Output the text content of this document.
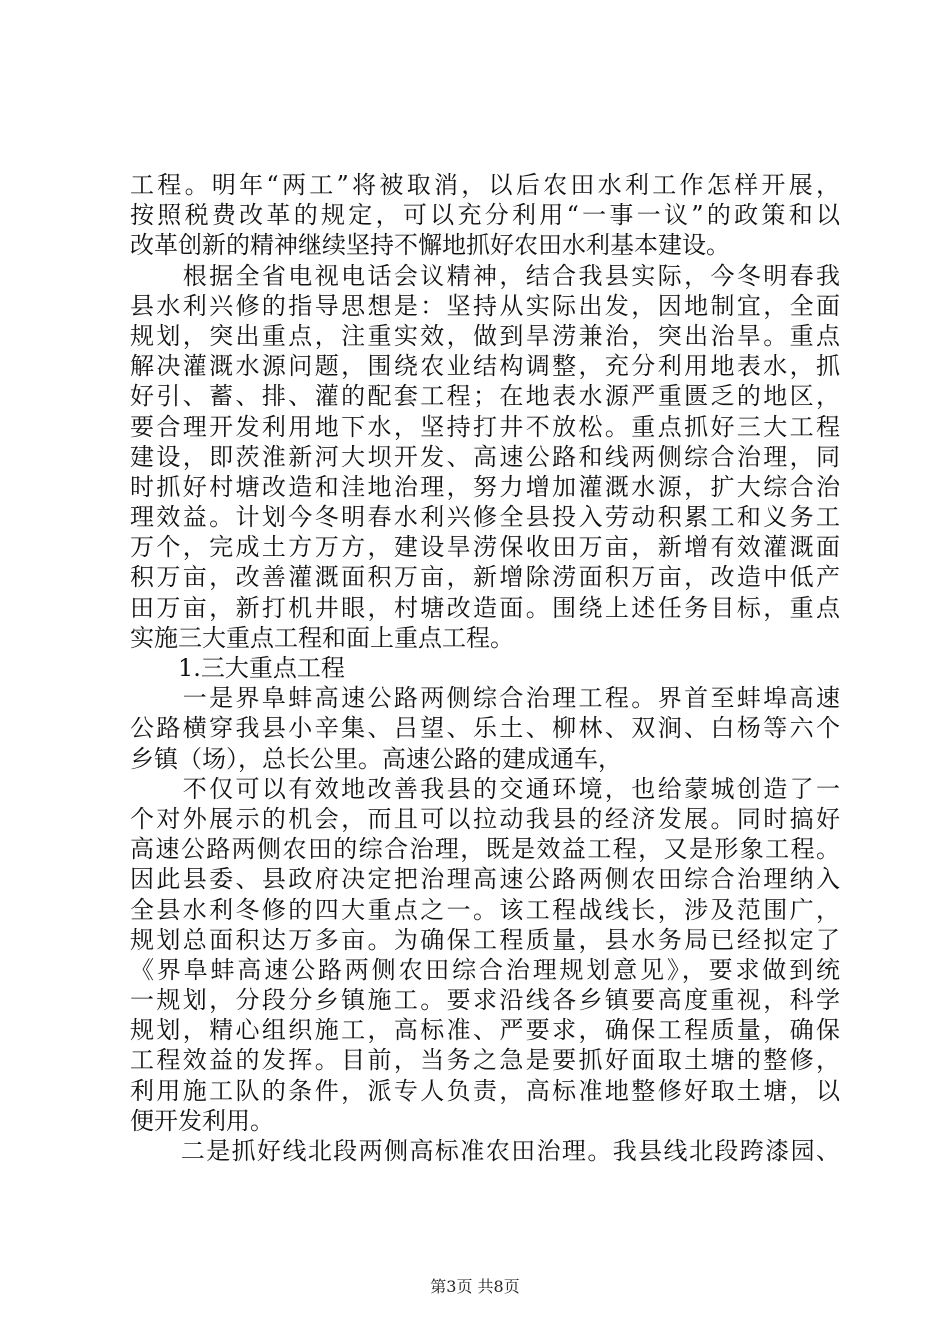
工程。明年“两工”将被取消，以后农田水利工作怎样开展，
按照税费改革的规定，可以充分利用“一事一议”的政策和以
改革创新的精神继续坚持不懈地抓好农田水利基本建设。
　　根据全省电视电话会议精神，结合我县实际，今冬明春我
县水利兴修的指导思想是：坚持从实际出发，因地制宜，全面
规划，突出重点，注重实效，做到旱涝兼治，突出治旱。重点
解决灌溉水源问题，围绕农业结构调整，充分利用地表水，抓
好引、蓄、排、灌的配套工程；在地表水源严重匮乏的地区，
要合理开发利用地下水，坚持打井不放松。重点抓好三大工程
建设，即茨淮新河大坝开发、高速公路和线两侧综合治理，同
时抓好村塘改造和洼地治理，努力增加灌溉水源，扩大综合治
理效益。计划今冬明春水利兴修全县投入劳动积累工和义务工
万个，完成土方万方，建设旱涝保收田万亩，新增有效灌溉面
积万亩，改善灌溉面积万亩，新增除涝面积万亩，改造中低产
田万亩，新打机井眼，村塘改造面。围绕上述任务目标，重点
实施三大重点工程和面上重点工程。
　　1.三大重点工程
　　一是界阜蚌高速公路两侧综合治理工程。界首至蚌埠高速
公路横穿我县小辛集、吕望、乐土、柳林、双涧、白杨等六个
乡镇（场），总长公里。高速公路的建成通车，
　　不仅可以有效地改善我县的交通环境，也给蒙城创造了一
个对外展示的机会，而且可以拉动我县的经济发展。同时搞好
高速公路两侧农田的综合治理，既是效益工程，又是形象工程。
因此县委、县政府决定把治理高速公路两侧农田综合治理纳入
全县水利冬修的四大重点之一。该工程战线长，涉及范围广，
规划总面积达万多亩。为确保工程质量，县水务局已经拟定了
《界阜蚌高速公路两侧农田综合治理规划意见》，要求做到统
一规划，分段分乡镇施工。要求沿线各乡镇要高度重视，科学
规划，精心组织施工，高标准、严要求，确保工程质量，确保
工程效益的发挥。目前，当务之急是要抓好面取土塘的整修，
利用施工队的条件，派专人负责，高标准地整修好取土塘，以
便开发利用。
　　二是抓好线北段两侧高标准农田治理。我县线北段跨漆园、
第3页 共8页
